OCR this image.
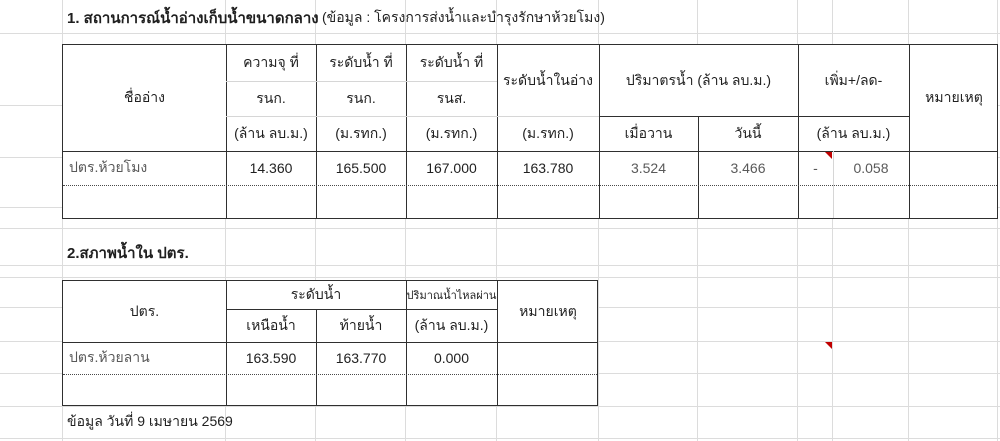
1. สถานการณ์น้ำอ่างเก็บน้ำขนาดกลาง (ข้อมูล : โครงการส่งน้ำและบำรุงรักษาห้วยโมง)
ชื่ออ่าง
ความจุ ที่
รนก.
(ล้าน ลบ.ม.)
ระดับน้ำ ที่
รนก.
(ม.รทก.)
ระดับน้ำ ที่
รนส.
(ม.รทก.)
ระดับน้ำในอ่าง
(ม.รทก.)
ปริมาตรน้ำ (ล้าน ลบ.ม.)
เมื่อวาน	วันนี้
เพิ่ม+/ลด-
(ล้าน ลบ.ม.)
หมายเหตุ
ปตร.ห้วยโมง	14.360	165.500	167.000	163.780	3.524	3.466	-	0.058
2.สภาพน้ำใน ปตร.
ปตร.
ระดับน้ำ
เหนือน้ำ	ท้ายน้ำ
ปริมาณน้ำไหลผ่าน
(ล้าน ลบ.ม.)
หมายเหตุ
ปตร.ห้วยลาน	163.590	163.770	0.000
ข้อมูล วันที่ 9 เมษายน 2569
